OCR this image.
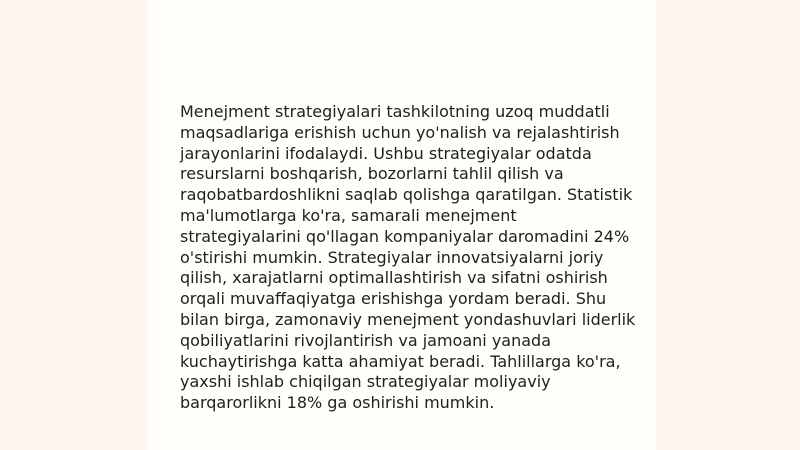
Menejment strategiyalari tashkilotning uzoq muddatli maqsadlariga erishish uchun yo'nalish va rejalashtirish jarayonlarini ifodalaydi. Ushbu strategiyalar odatda resurslarni boshqarish, bozorlarni tahlil qilish va raqobatbardoshlikni saqlab qolishga qaratilgan. Statistik ma'lumotlarga ko'ra, samarali menejment strategiyalarini qo'llagan kompaniyalar daromadini 24% o'stirishi mumkin. Strategiyalar innovatsiyalarni joriy qilish, xarajatlarni optimallashtirish va sifatni oshirish orqali muvaffaqiyatga erishishga yordam beradi. Shu bilan birga, zamonaviy menejment yondashuvlari liderlik qobiliyatlarini rivojlantirish va jamoani yanada kuchaytirishga katta ahamiyat beradi. Tahlillarga ko'ra, yaxshi ishlab chiqilgan strategiyalar moliyaviy barqarorlikni 18% ga oshirishi mumkin.
